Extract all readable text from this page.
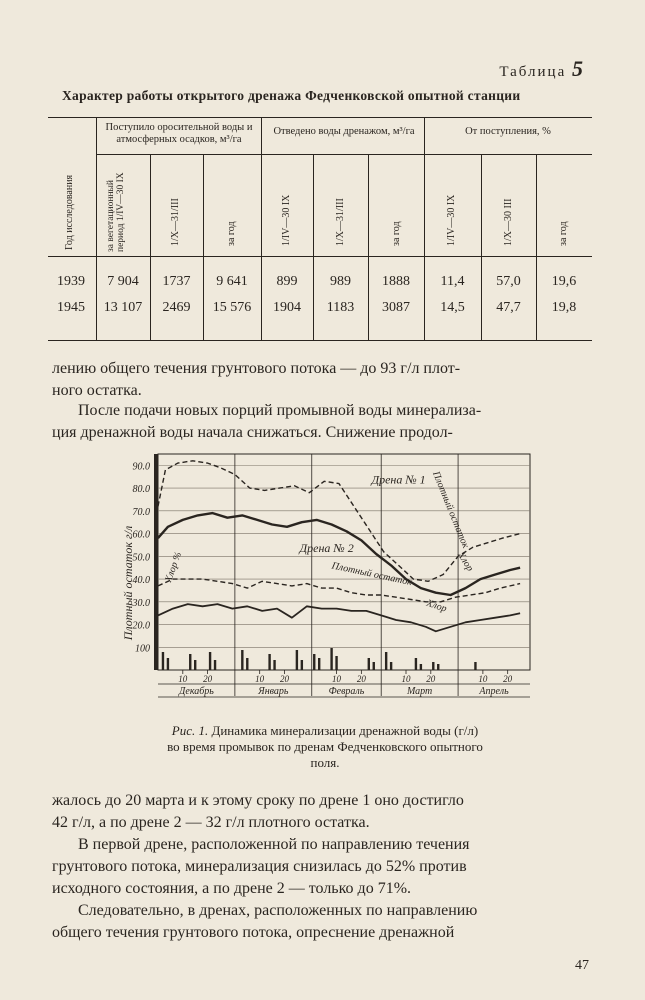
Таблица 5
Характер работы открытого дренажа Федченковской опытной станции
Год исследования
Поступило оросительной воды и атмосферных осадков, м³/га
Отведено воды дренажом, м³/га	От поступления, %
за вегетационный период 1/IV—30 IX	1/X—31/III	за год	1/IV—30 IX	1/X—31/III	за год	1/IV—30 IX	1/X—30 III	за год
1939	7 904	1737	9 641	899	989	1888	11,4	57,0	19,6
1945	13 107	2469	15 576	1904	1183	3087	14,5	47,7	19,8
лению общего течения грунтового потока — до 93 г/л плот-
ного остатка.
После подачи новых порций промывной воды минерализа-
ция дренажной воды начала снижаться. Снижение продол-
90.0
80.0
70.0
60.0
50.0
40.0
30.0
20.0
100
10 20	10 20	10 20	10 20	10 20
Декабрь	Январь	Февраль	Март	Апрель
Дрена № 1 Плотный остаток
Хлор
Дрена № 2
Плотный остаток
Хлор
Плотный остаток г/л	Хлор %
Рис. 1. Динамика минерализации дренажной воды (г/л)
во время промывок по дренам Федченковского опытного
поля.
жалось до 20 марта и к этому сроку по дрене 1 оно достигло
42 г/л, а по дрене 2 — 32 г/л плотного остатка.
В первой дрене, расположенной по направлению течения
грунтового потока, минерализация снизилась до 52% против
исходного состояния, а по дрене 2 — только до 71%.
Следовательно, в дренах, расположенных по направлению
общего течения грунтового потока, опреснение дренажной
47
